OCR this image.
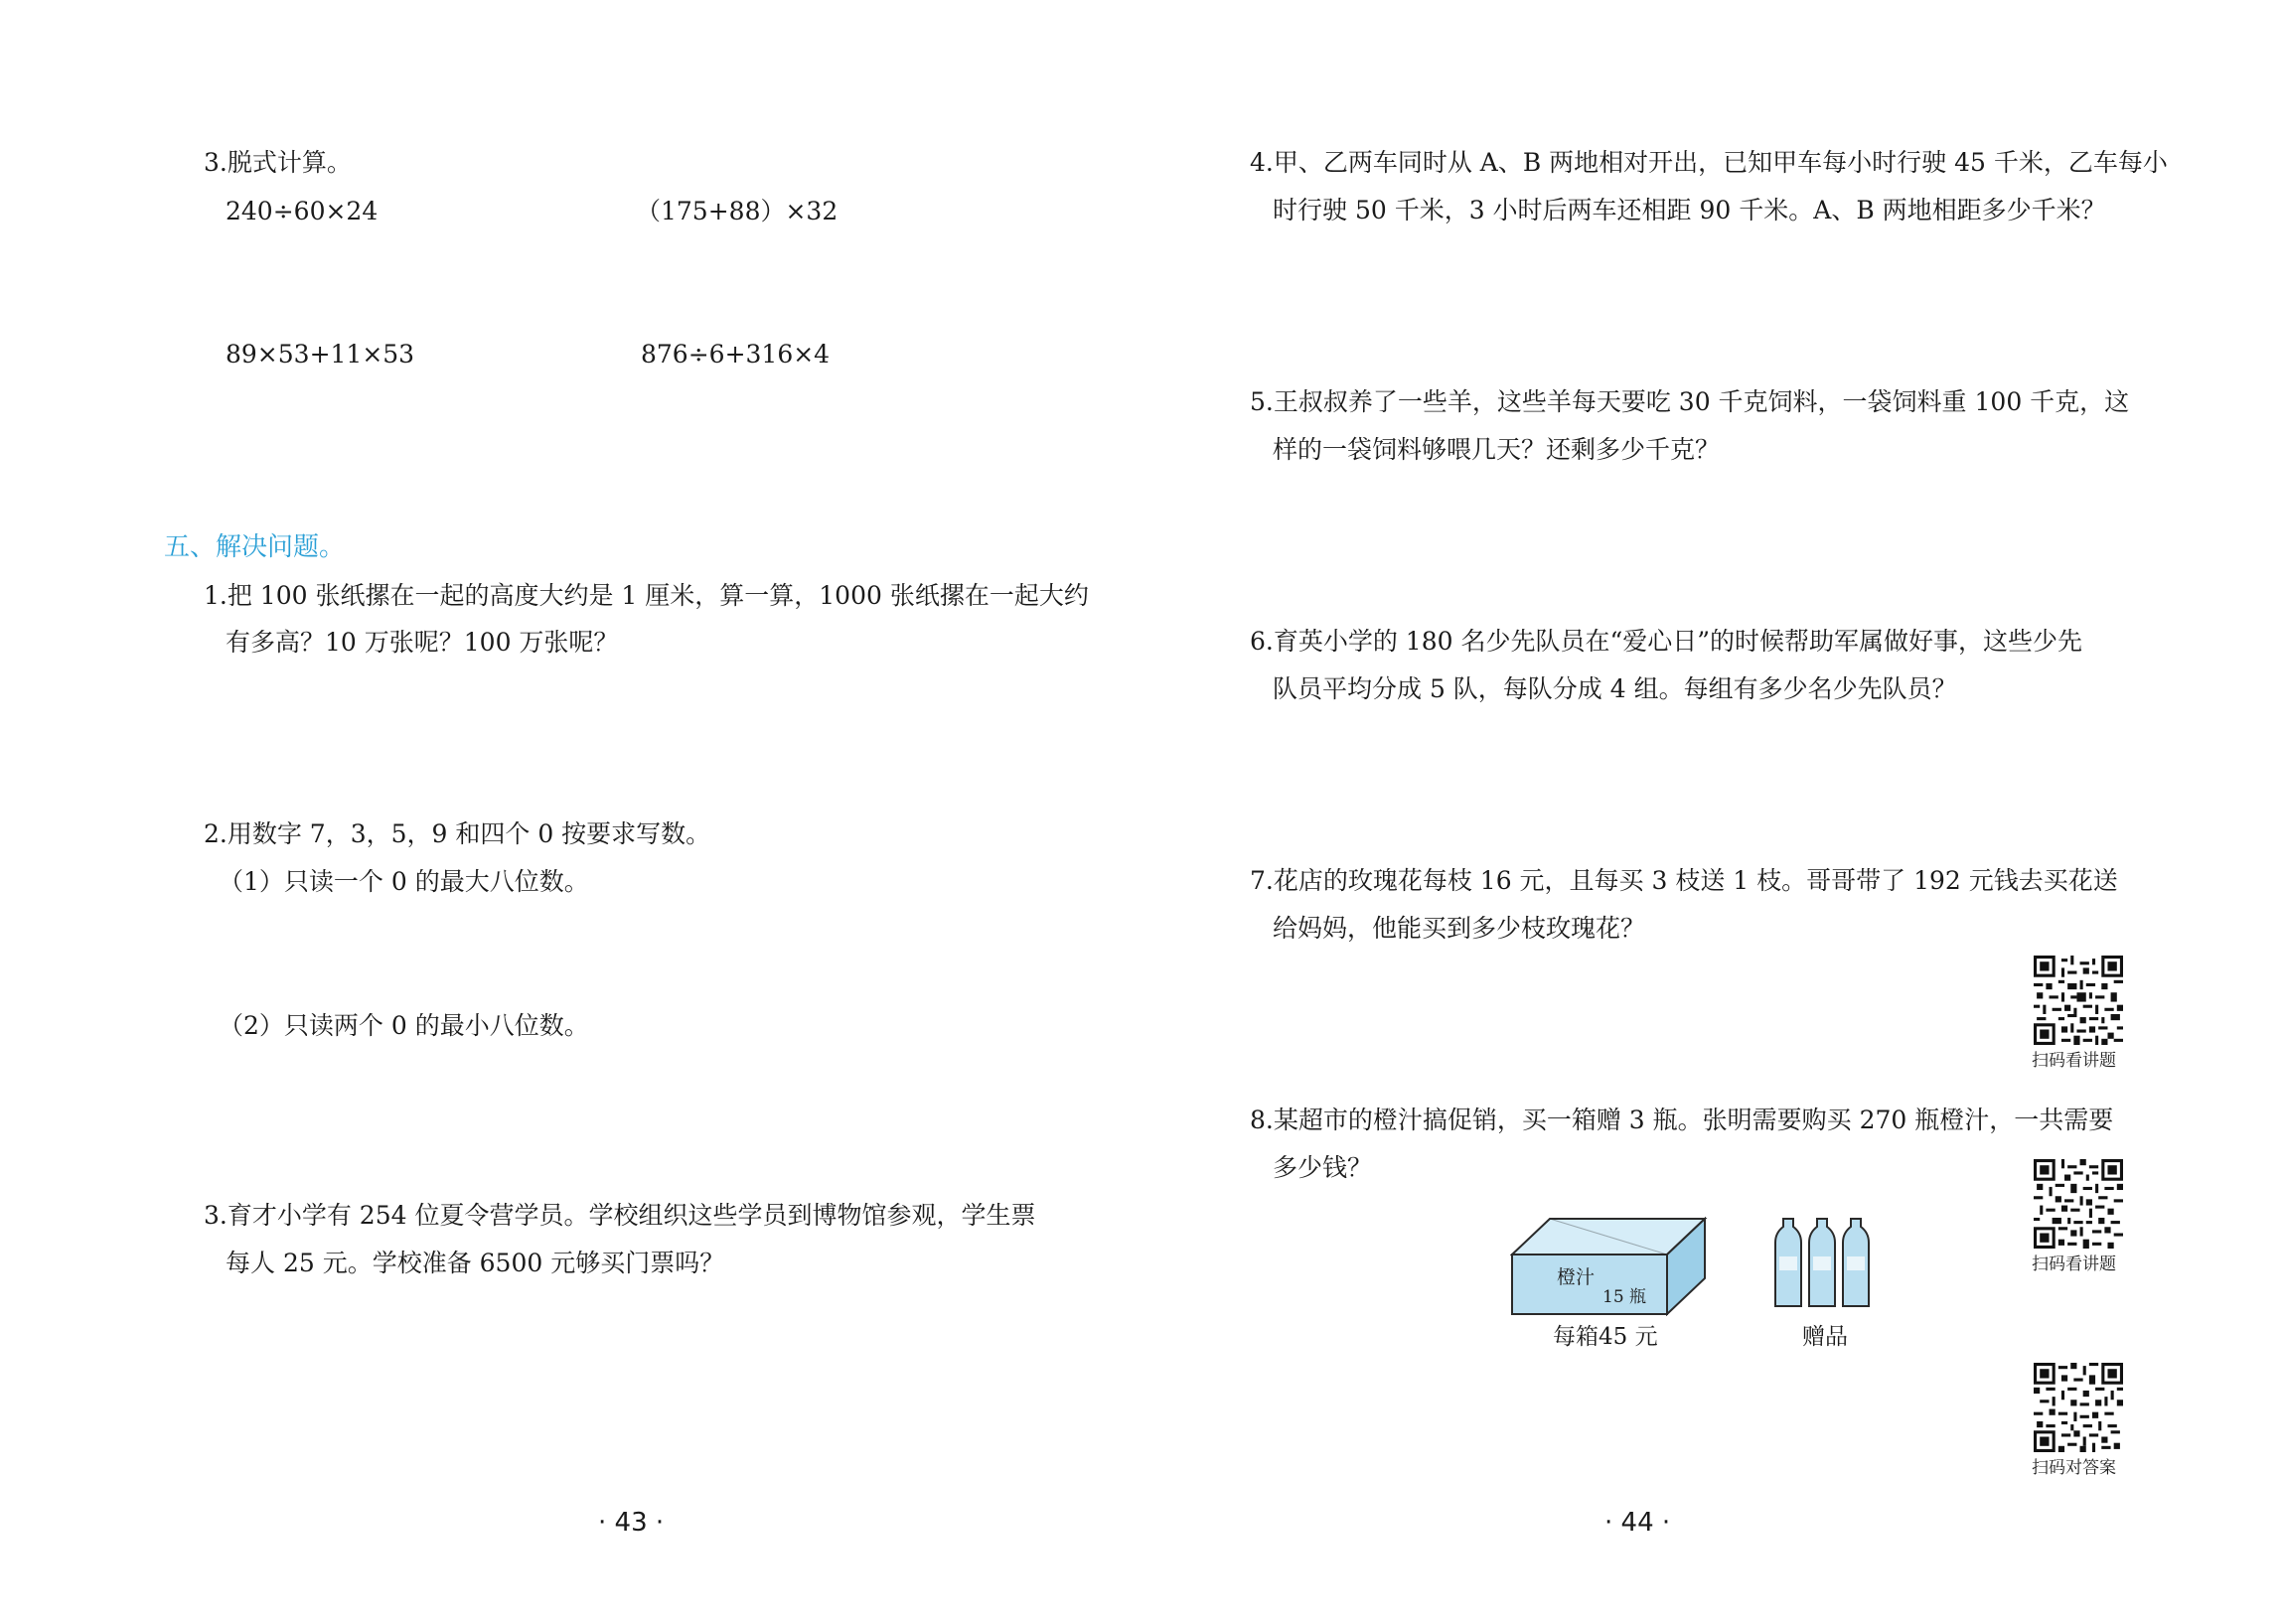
3.脱式计算。
240÷60×24	（175+88）×32
89×53+11×53	876÷6+316×4
五、解决问题。
1.把 100 张纸摞在一起的高度大约是 1 厘米，算一算，1000 张纸摞在一起大约
有多高？10 万张呢？100 万张呢？
2.用数字 7，3，5，9 和四个 0 按要求写数。
（1）只读一个 0 的最大八位数。
（2）只读两个 0 的最小八位数。
3.育才小学有 254 位夏令营学员。学校组织这些学员到博物馆参观，学生票
每人 25 元。学校准备 6500 元够买门票吗？
· 43 ·
4.甲、乙两车同时从 A、B 两地相对开出，已知甲车每小时行驶 45 千米，乙车每小
时行驶 50 千米，3 小时后两车还相距 90 千米。A、B 两地相距多少千米？
5.王叔叔养了一些羊，这些羊每天要吃 30 千克饲料，一袋饲料重 100 千克，这
样的一袋饲料够喂几天？还剩多少千克？
6.育英小学的 180 名少先队员在“爱心日”的时候帮助军属做好事，这些少先
队员平均分成 5 队，每队分成 4 组。每组有多少名少先队员？
7.花店的玫瑰花每枝 16 元，且每买 3 枝送 1 枝。哥哥带了 192 元钱去买花送
给妈妈，他能买到多少枝玫瑰花？
扫码看讲题
8.某超市的橙汁搞促销，买一箱赠 3 瓶。张明需要购买 270 瓶橙汁，一共需要
多少钱？
扫码看讲题
橙汁
15 瓶
每箱45 元	赠品
扫码对答案
· 44 ·
